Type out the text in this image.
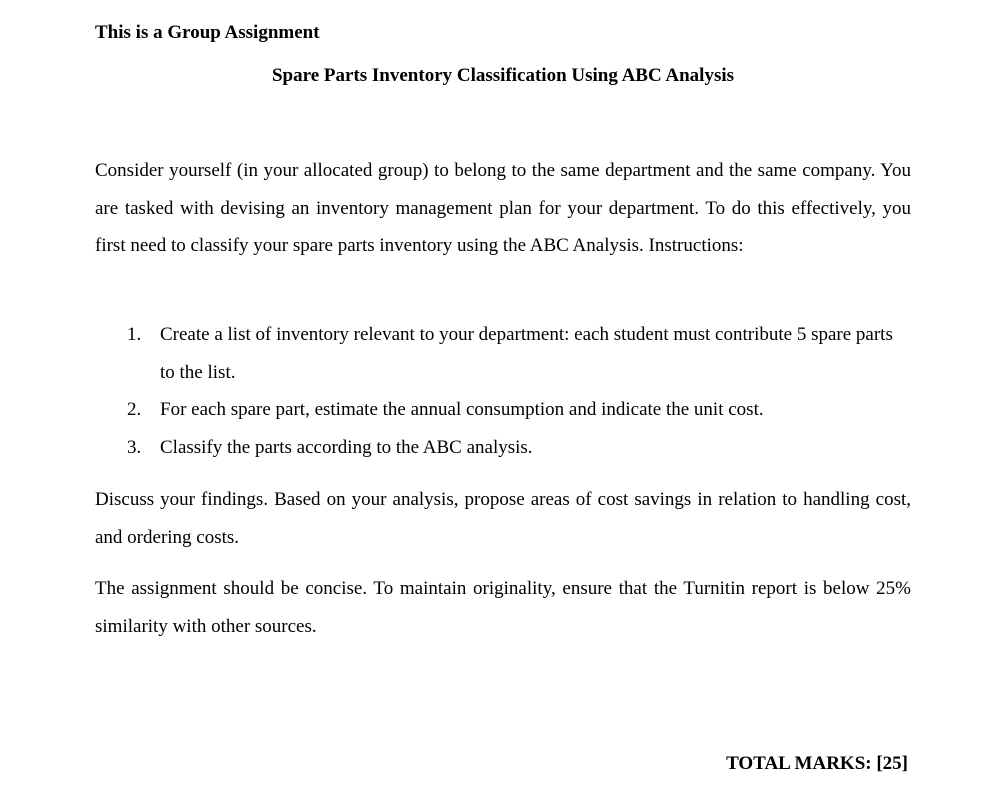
This is a Group Assignment
Spare Parts Inventory Classification Using ABC Analysis

Consider yourself (in your allocated group) to belong to the same department and the same company. You are tasked with devising an inventory management plan for your department. To do this effectively, you first need to classify your spare parts inventory using the ABC Analysis. Instructions:

1. Create a list of inventory relevant to your department: each student must contribute 5 spare parts to the list.
2. For each spare part, estimate the annual consumption and indicate the unit cost.
3. Classify the parts according to the ABC analysis.

Discuss your findings. Based on your analysis, propose areas of cost savings in relation to handling cost, and ordering costs.

The assignment should be concise. To maintain originality, ensure that the Turnitin report is below 25% similarity with other sources.

TOTAL MARKS: [25]
